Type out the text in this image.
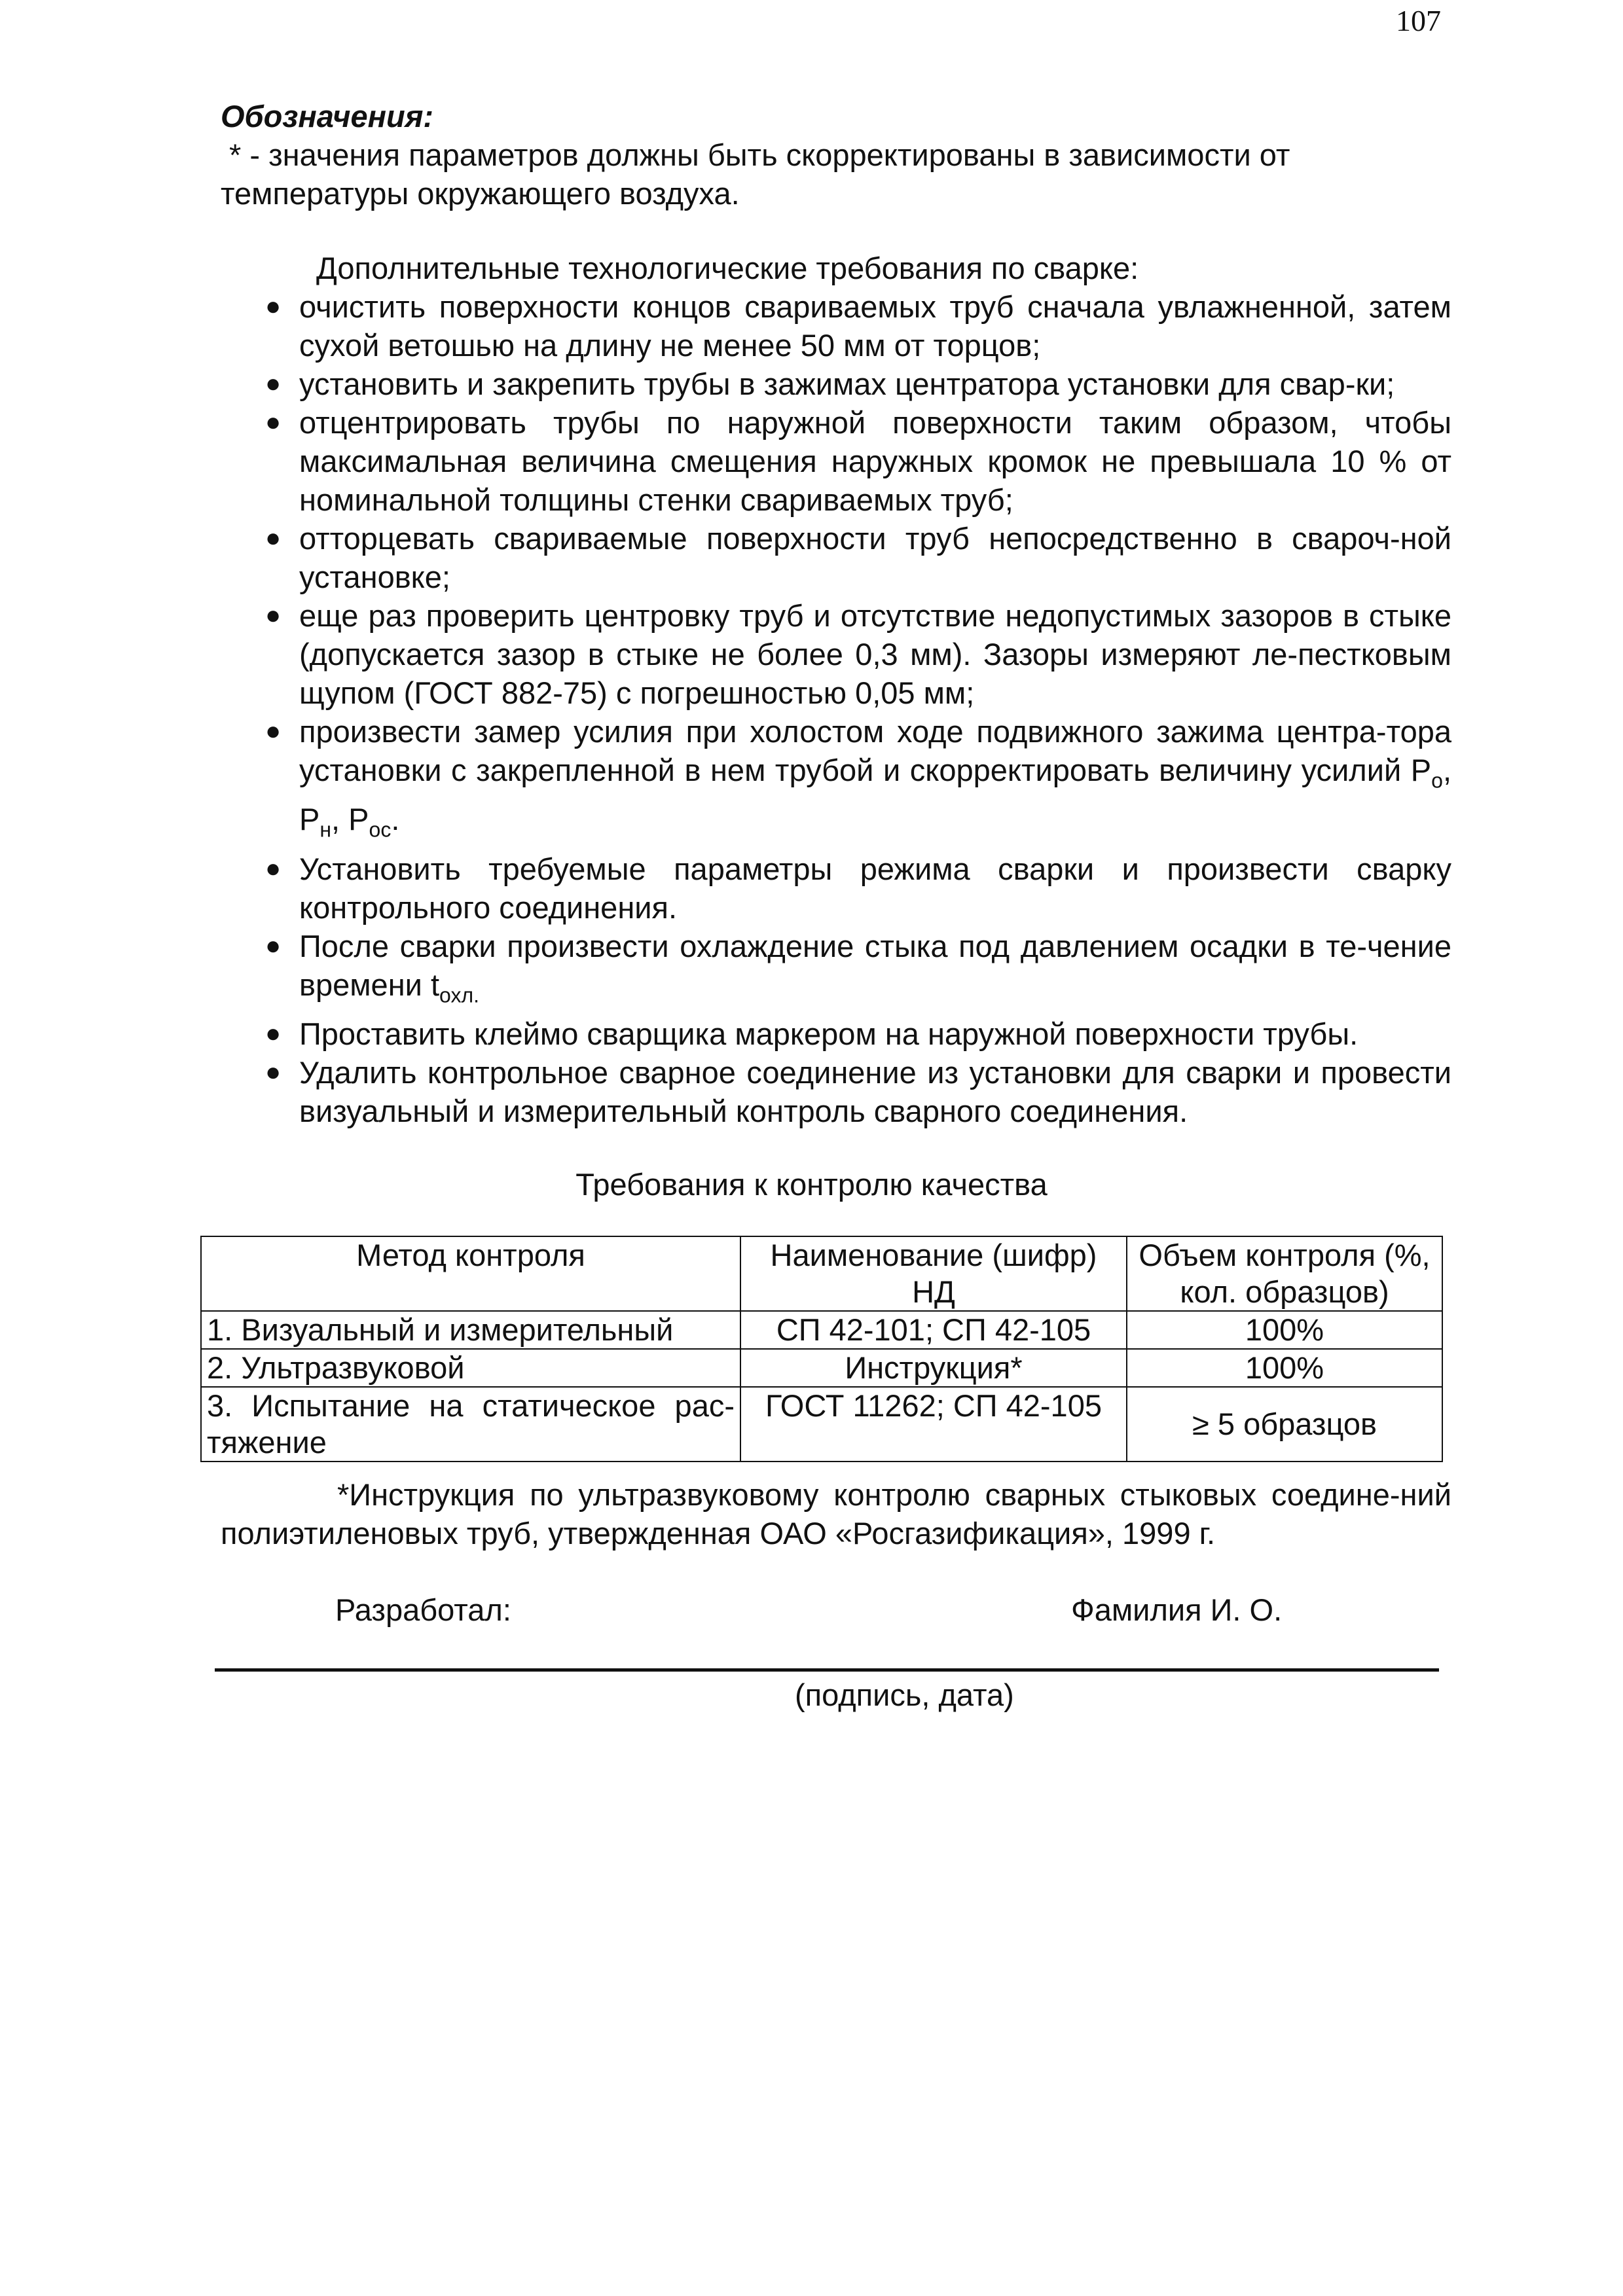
107

Обозначения:

* - значения параметров должны быть скорректированы в зависимости от

температуры окружающего воздуха.

Дополнительные технологические требования по сварке:

● очистить поверхности концов свариваемых труб сначала увлажненной, затем сухой ветошью на длину не менее 50 мм от торцов;
● установить и закрепить трубы в зажимах центратора установки для свар-ки;
● отцентрировать трубы по наружной поверхности таким образом, чтобы максимальная величина смещения наружных кромок не превышала 10 % от номинальной толщины стенки свариваемых труб;
● отторцевать свариваемые поверхности труб непосредственно в свароч-ной установке;
● еще раз проверить центровку труб и отсутствие недопустимых зазоров в стыке (допускается зазор в стыке не более 0,3 мм). Зазоры измеряют ле-пестковым щупом (ГОСТ 882-75) с погрешностью 0,05 мм;
● произвести замер усилия при холостом ходе подвижного зажима центра-тора установки с закрепленной в нем трубой и скорректировать величину усилий $P_о$, $P_н$, $P_{ос}$.
● Установить требуемые параметры режима сварки и произвести сварку контрольного соединения.
● После сварки произвести охлаждение стыка под давлением осадки в те-чение времени $t_{охл.}$
● Проставить клеймо сварщика маркером на наружной поверхности трубы.
● Удалить контрольное сварное соединение из установки для сварки и провести визуальный и измерительный контроль сварного соединения.

Требования к контролю качества

Метод контроля	Наименование (шифр) НД	Объем контроля (%, кол. образцов)
1. Визуальный и измерительный	СП 42-101; СП 42-105	100%
2. Ультразвуковой	Инструкция*	100%
3. Испытание на статическое рас-тяжение	ГОСТ 11262; СП 42-105	≥ 5 образцов

*Инструкция по ультразвуковому контролю сварных стыковых соедине-ний полиэтиленовых труб, утвержденная ОАО «Росгазификация», 1999 г.

Разработал:	Фамилия И. О.
(подпись, дата)
